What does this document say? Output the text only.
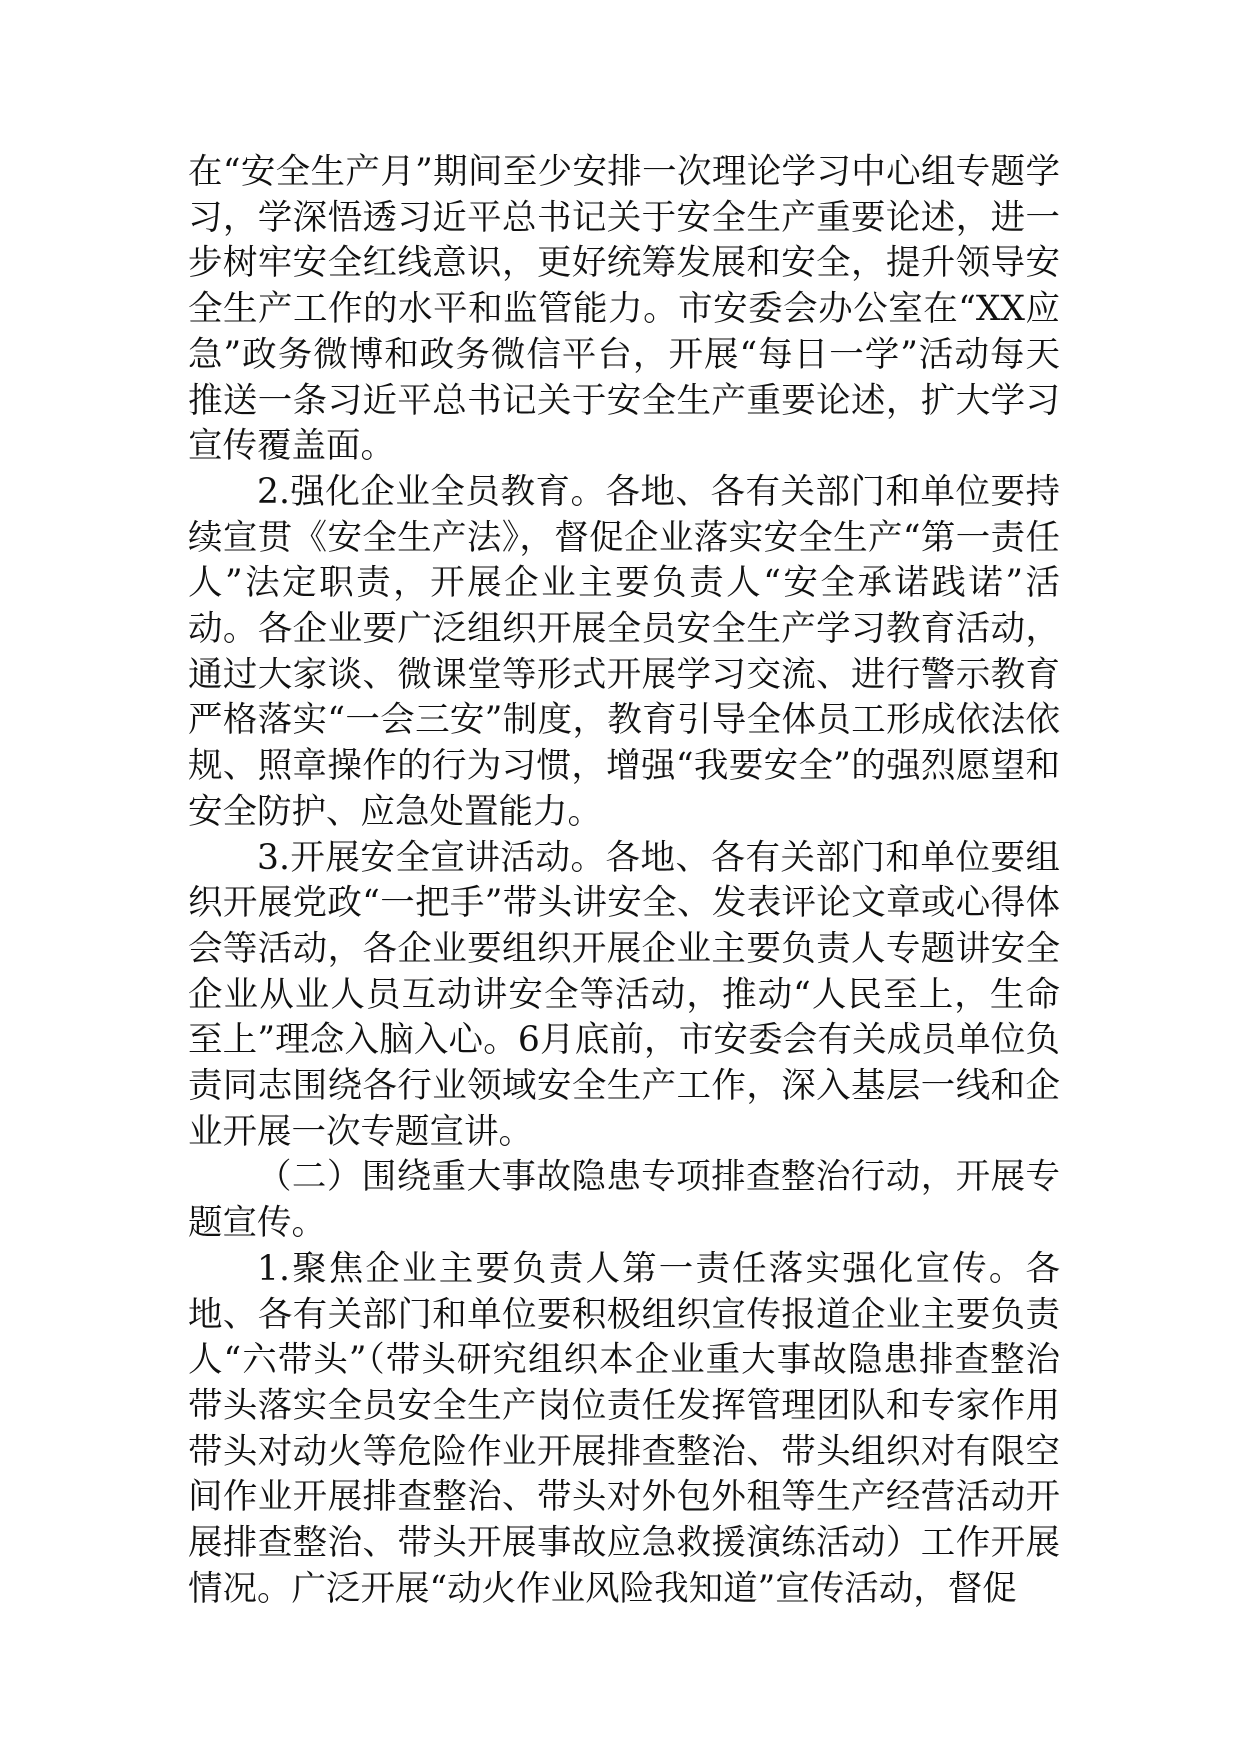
在“安全生产月”期间至少安排一次理论学习中心组专题学习，学深悟透习近平总书记关于安全生产重要论述，进一步树牢安全红线意识，更好统筹发展和安全，提升领导安全生产工作的水平和监管能力。市安委会办公室在“XX应急”政务微博和政务微信平台，开展“每日一学”活动每天推送一条习近平总书记关于安全生产重要论述，扩大学习宣传覆盖面。

2.强化企业全员教育。各地、各有关部门和单位要持续宣贯《安全生产法》，督促企业落实安全生产“第一责任人”法定职责，开展企业主要负责人“安全承诺践诺”活动。各企业要广泛组织开展全员安全生产学习教育活动，通过大家谈、微课堂等形式开展学习交流、进行警示教育严格落实“一会三安”制度，教育引导全体员工形成依法依规、照章操作的行为习惯，增强“我要安全”的强烈愿望和安全防护、应急处置能力。

3.开展安全宣讲活动。各地、各有关部门和单位要组织开展党政“一把手”带头讲安全、发表评论文章或心得体会等活动，各企业要组织开展企业主要负责人专题讲安全企业从业人员互动讲安全等活动，推动“人民至上，生命至上”理念入脑入心。6月底前，市安委会有关成员单位负责同志围绕各行业领域安全生产工作，深入基层一线和企业开展一次专题宣讲。

（二）围绕重大事故隐患专项排查整治行动，开展专题宣传。

1.聚焦企业主要负责人第一责任落实强化宣传。各地、各有关部门和单位要积极组织宣传报道企业主要负责人“六带头”（带头研究组织本企业重大事故隐患排查整治带头落实全员安全生产岗位责任发挥管理团队和专家作用带头对动火等危险作业开展排查整治、带头组织对有限空间作业开展排查整治、带头对外包外租等生产经营活动开展排查整治、带头开展事故应急救援演练活动）工作开展情况。广泛开展“动火作业风险我知道”宣传活动，督促
